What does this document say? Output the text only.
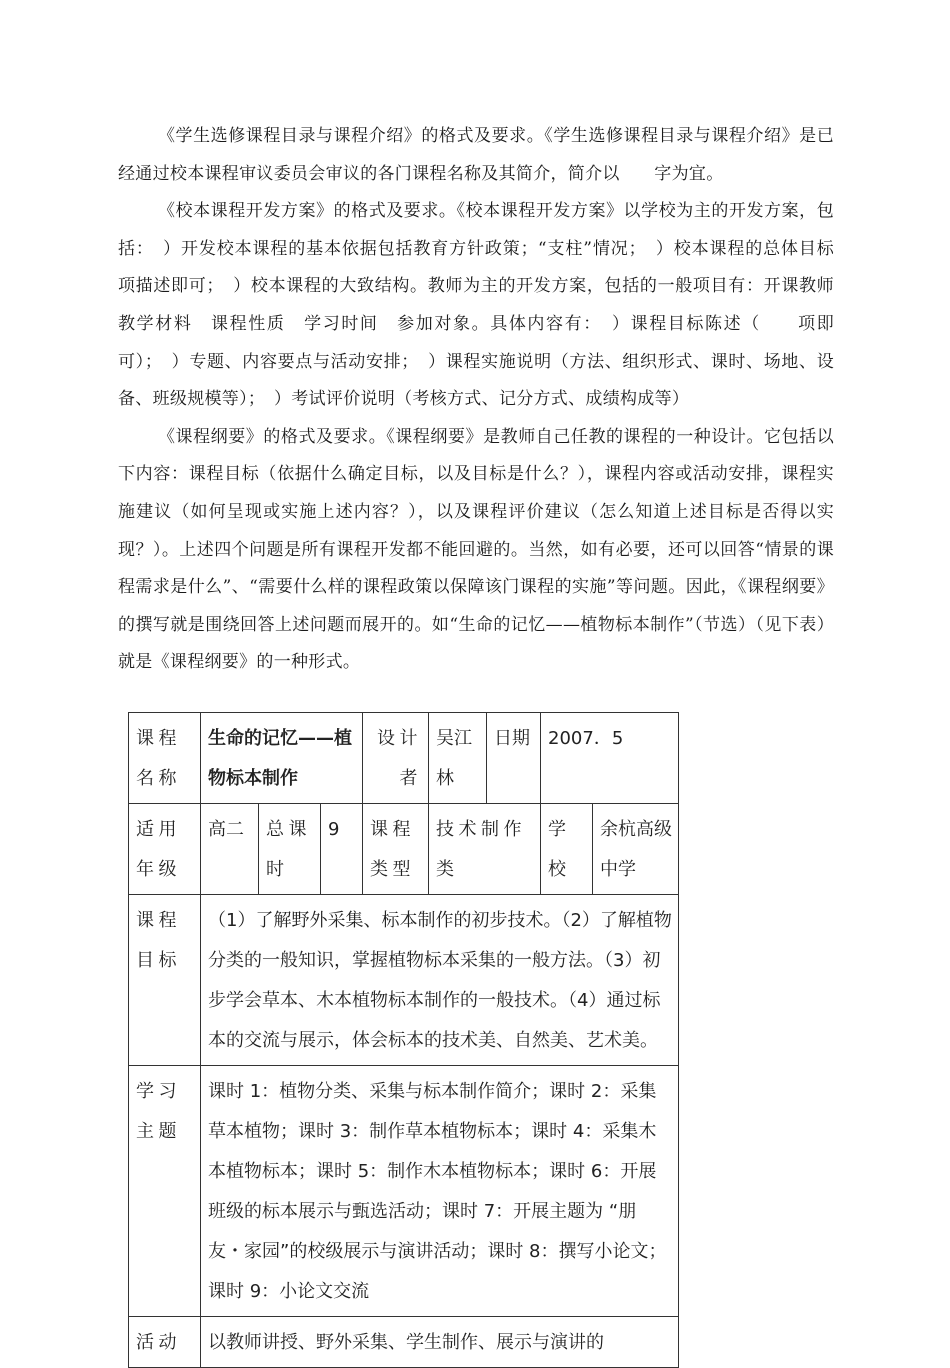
《学生选修课程目录与课程介绍》的格式及要求。《学生选修课程目录与课程介绍》是已经通过校本课程审议委员会审议的各门课程名称及其简介，简介以　　字为宜。

《校本课程开发方案》的格式及要求。《校本课程开发方案》以学校为主的开发方案，包括：　）开发校本课程的基本依据包括教育方针政策；“支柱”情况；　）校本课程的总体目标　　项描述即可；　）校本课程的大致结构。教师为主的开发方案，包括的一般项目有：开课教师　教学材料　课程性质　学习时间　参加对象。具体内容有：　）课程目标陈述（　　项即可）；　）专题、内容要点与活动安排；　）课程实施说明（方法、组织形式、课时、场地、设备、班级规模等）；　）考试评价说明（考核方式、记分方式、成绩构成等）

《课程纲要》的格式及要求。《课程纲要》是教师自己任教的课程的一种设计。它包括以下内容：课程目标（依据什么确定目标，以及目标是什么？），课程内容或活动安排，课程实施建议（如何呈现或实施上述内容？），以及课程评价建议（怎么知道上述目标是否得以实现？）。上述四个问题是所有课程开发都不能回避的。当然，如有必要，还可以回答“情景的课程需求是什么”、“需要什么样的课程政策以保障该门课程的实施”等问题。因此，《课程纲要》的撰写就是围绕回答上述问题而展开的。如“生命的记忆——植物标本制作”（节选）（见下表）就是《课程纲要》的一种形式。

课程名称	生命的记忆——植物标本制作			设计者	吴江林	日期	2007．5	
适用年级	高二	总课时	9	课程类型	技术制作类		学校	余杭高级中学
课程目标	（1）了解野外采集、标本制作的初步技术。（2）了解植物分类的一般知识，掌握植物标本采集的一般方法。（3）初步学会草本、木本植物标本制作的一般技术。（4）通过标本的交流与展示，体会标本的技术美、自然美、艺术美。							
学习主题	课时 1：植物分类、采集与标本制作简介；课时 2：采集草本植物；课时 3：制作草本植物标本；课时 4：采集木本植物标本；课时 5：制作木本植物标本；课时 6：开展班级的标本展示与甄选活动；课时 7：开展主题为 “朋友・家园”的校级展示与演讲活动；课时 8：撰写小论文；课时 9：小论文交流							
活动	以教师讲授、野外采集、学生制作、展示与演讲的							
